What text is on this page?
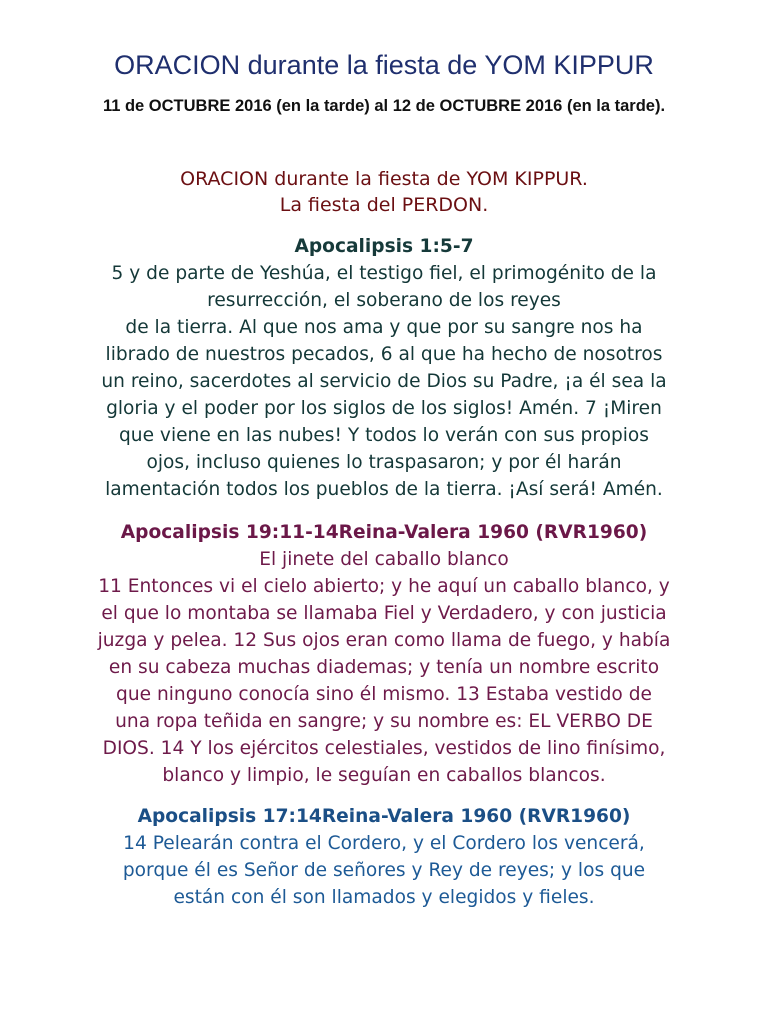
ORACION durante la fiesta de YOM KIPPUR
11 de OCTUBRE 2016 (en la tarde) al 12 de OCTUBRE 2016 (en la tarde).
ORACION durante la fiesta de YOM KIPPUR.
La fiesta del PERDON.
Apocalipsis 1:5-7
5 y de parte de Yeshúa, el testigo fiel, el primogénito de la
resurrección, el soberano de los reyes
de la tierra. Al que nos ama y que por su sangre nos ha
librado de nuestros pecados, 6 al que ha hecho de nosotros
un reino, sacerdotes al servicio de Dios su Padre, ¡a él sea la
gloria y el poder por los siglos de los siglos! Amén. 7 ¡Miren
que viene en las nubes! Y todos lo verán con sus propios
ojos, incluso quienes lo traspasaron; y por él harán
lamentación todos los pueblos de la tierra. ¡Así será! Amén.
Apocalipsis 19:11-14Reina-Valera 1960 (RVR1960)
El jinete del caballo blanco
11 Entonces vi el cielo abierto; y he aquí un caballo blanco, y
el que lo montaba se llamaba Fiel y Verdadero, y con justicia
juzga y pelea. 12 Sus ojos eran como llama de fuego, y había
en su cabeza muchas diademas; y tenía un nombre escrito
que ninguno conocía sino él mismo. 13 Estaba vestido de
una ropa teñida en sangre; y su nombre es: EL VERBO DE
DIOS. 14 Y los ejércitos celestiales, vestidos de lino finísimo,
blanco y limpio, le seguían en caballos blancos.
Apocalipsis 17:14Reina-Valera 1960 (RVR1960)
14 Pelearán contra el Cordero, y el Cordero los vencerá,
porque él es Señor de señores y Rey de reyes; y los que
están con él son llamados y elegidos y fieles.
